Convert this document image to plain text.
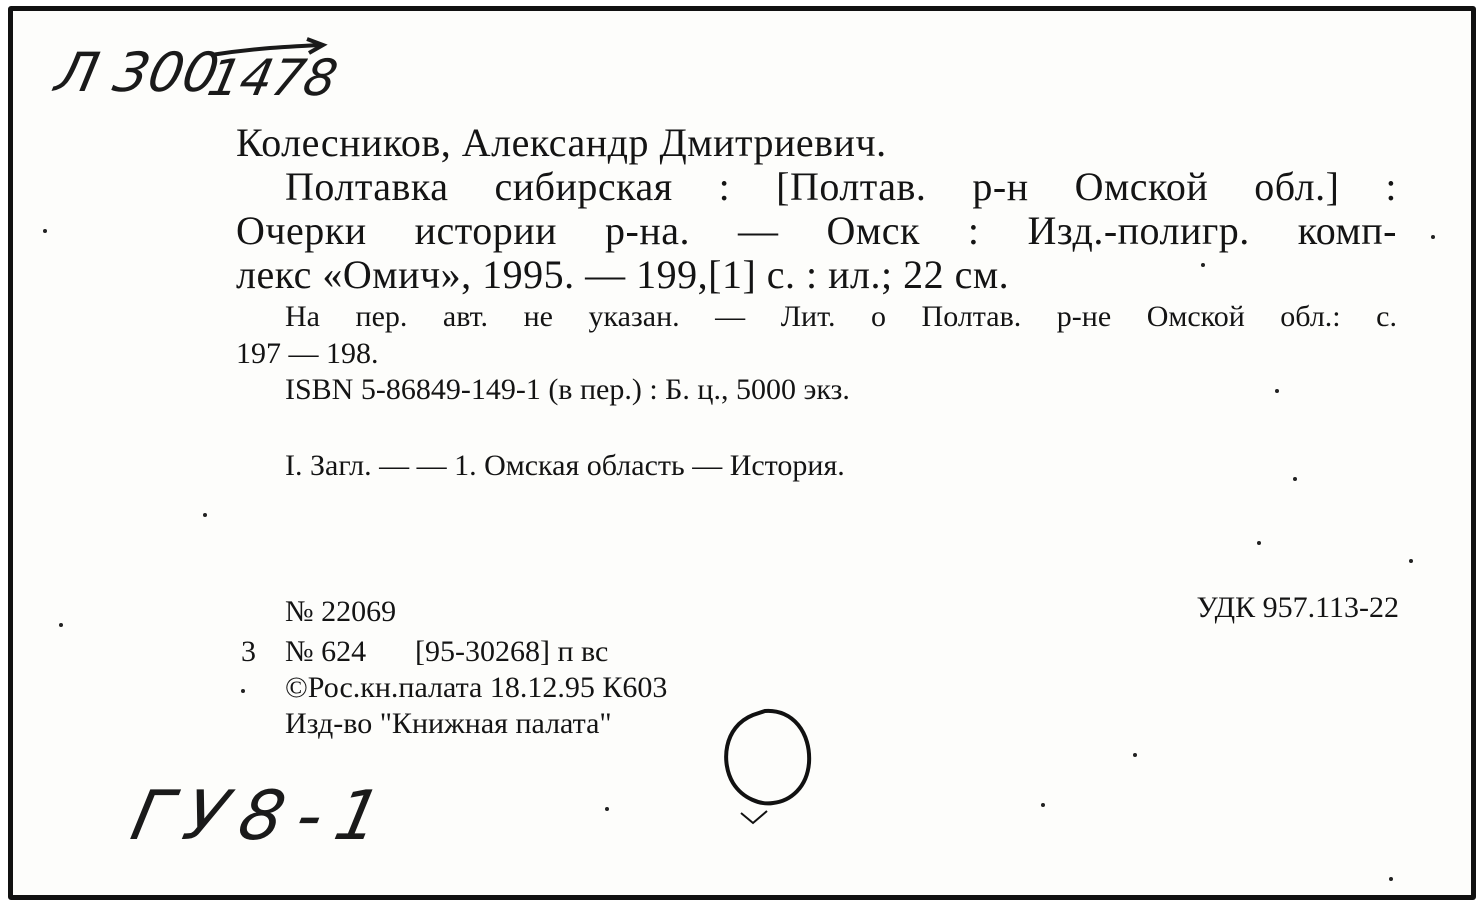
Л 300
1478
Колесников, Александр Дмитриевич.
Полтавка сибирская : [Полтав. р-н Омской обл.] :
Очерки истории р-на. — Омск : Изд.-полигр. комп-
лекс «Омич», 1995. — 199,[1] с. : ил.; 22 см.
На пер. авт. не указан. — Лит. о Полтав. р-не Омской обл.: с.
197 — 198.
ISBN 5-86849-149-1 (в пер.) : Б. ц., 5000 экз.
I. Загл. — — 1. Омская область — История.
№ 22069	УДК 957.113-22
3 № 624 [95-30268] п вс
©Рос.кн.палата 18.12.95 К603
Изд-во "Книжная палата"
ГУ8-1
